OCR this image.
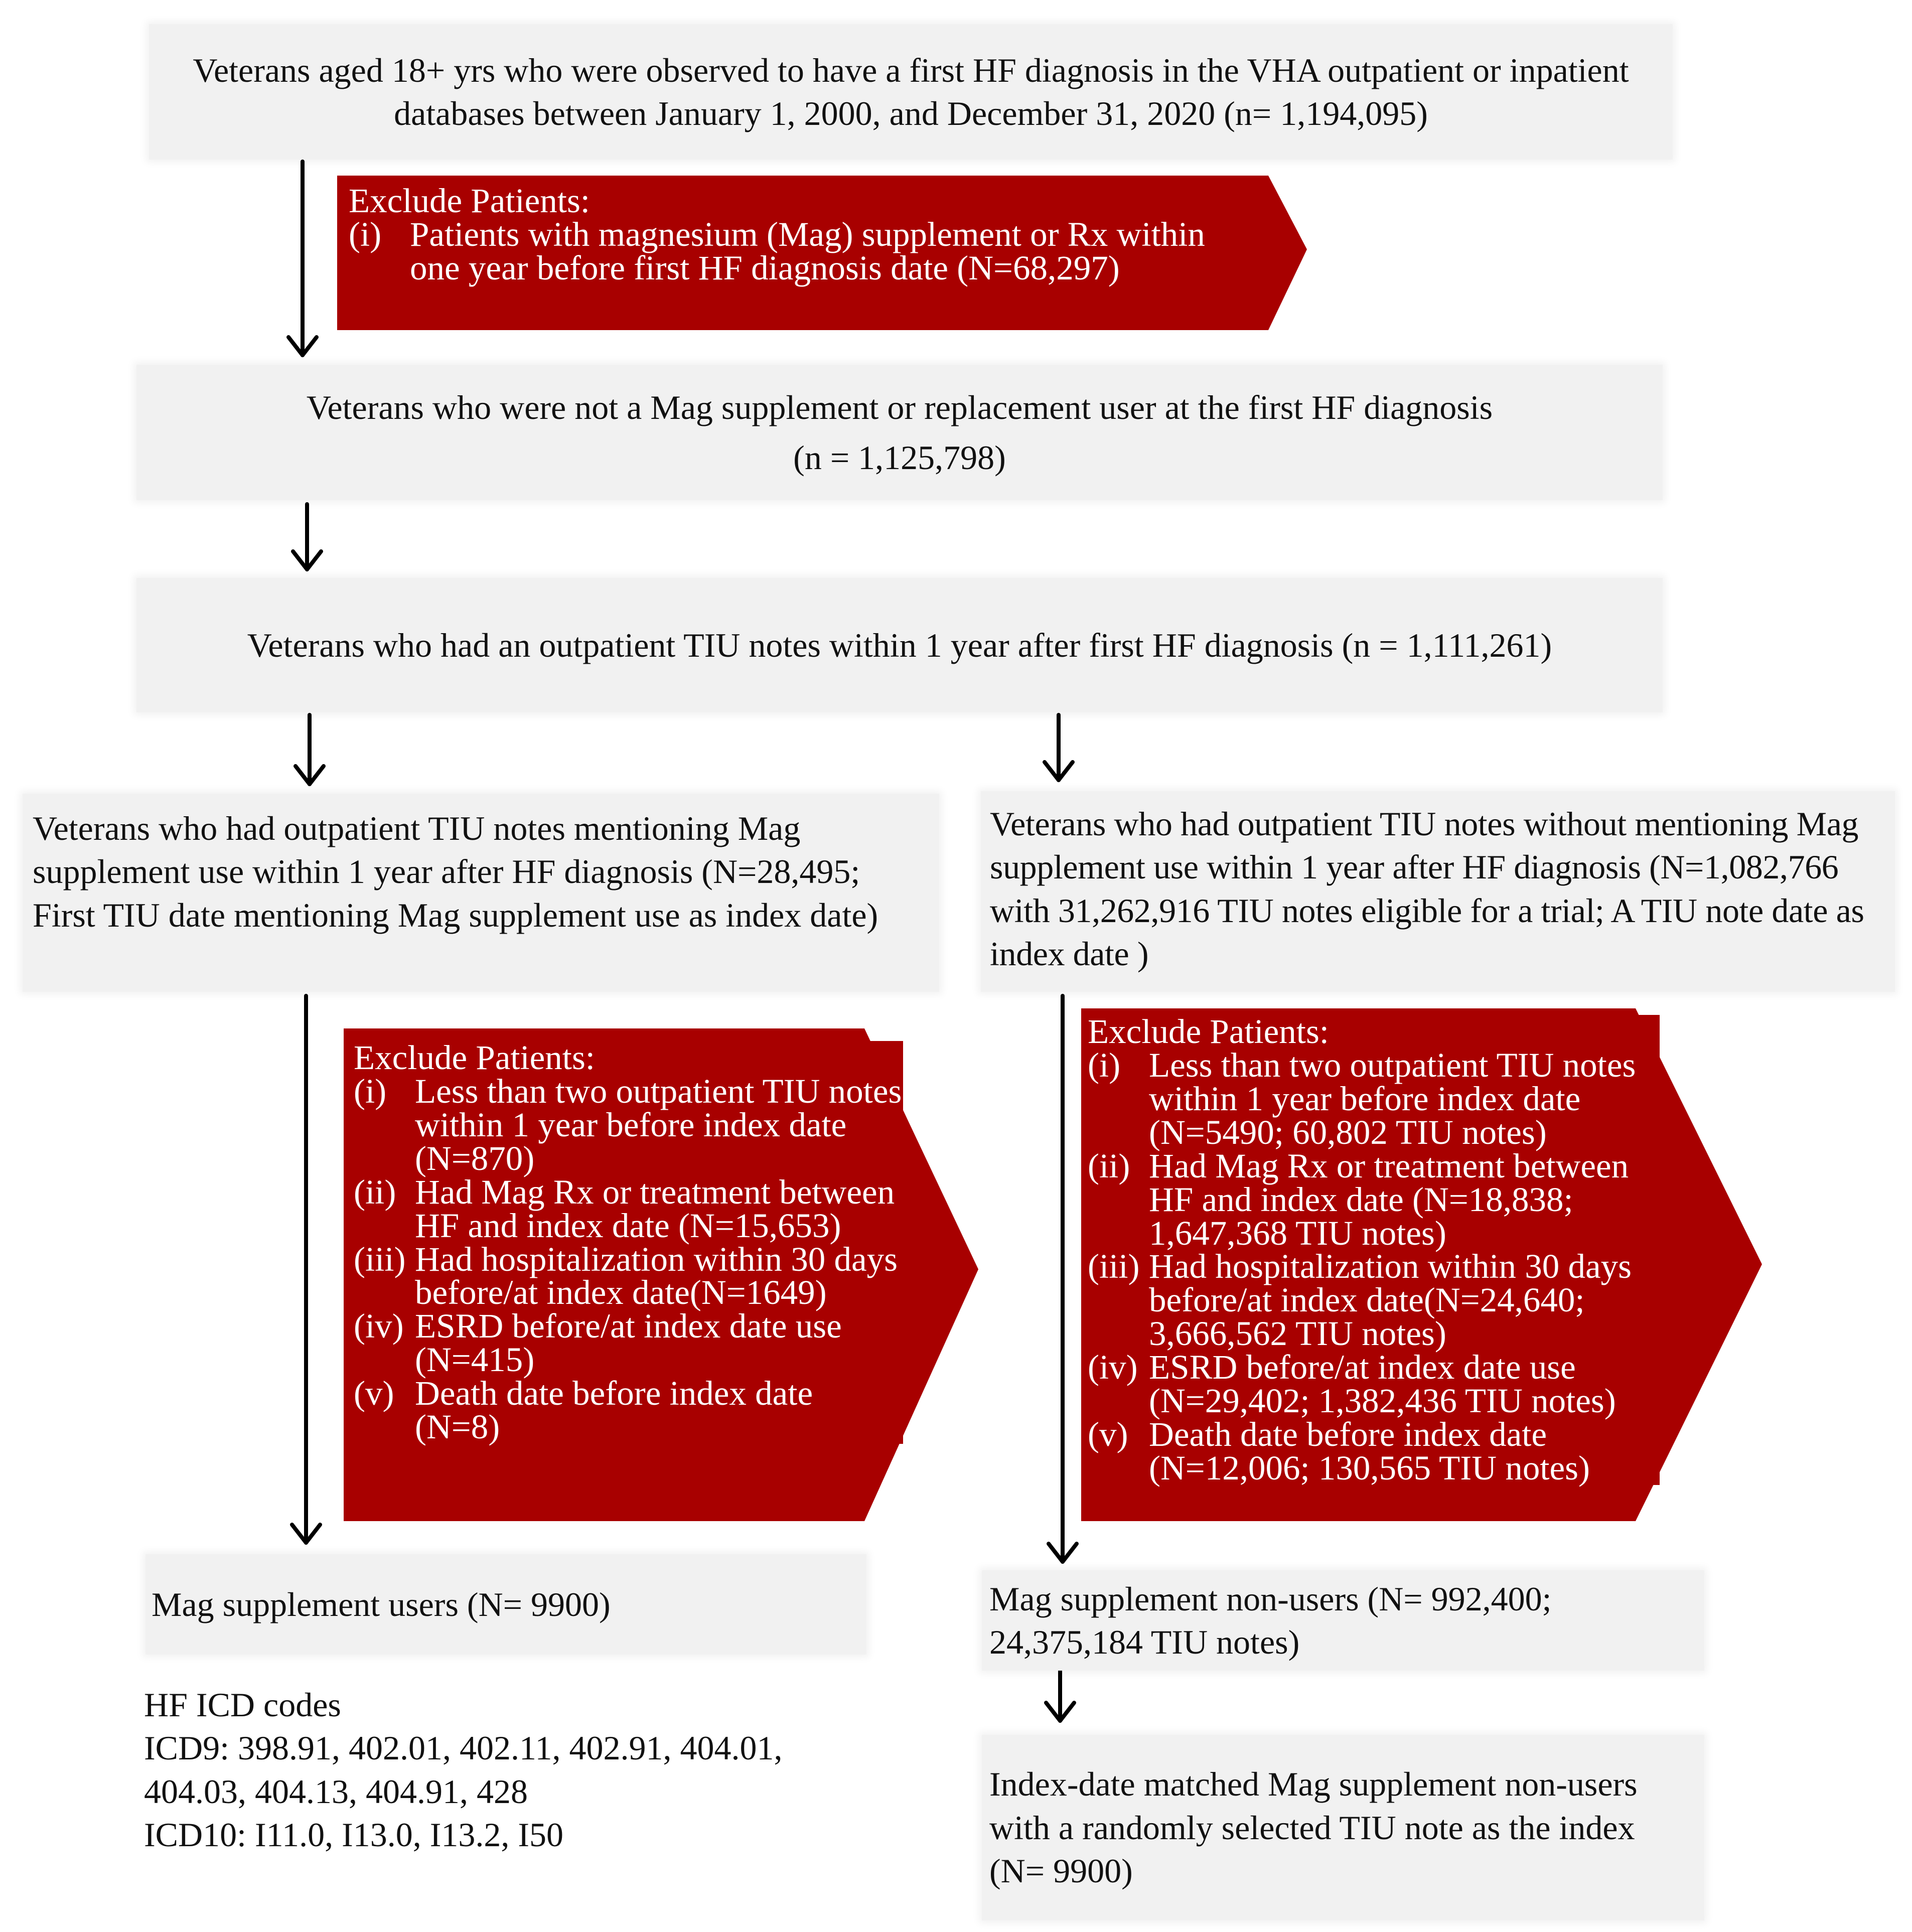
Veterans aged 18+ yrs who were observed to have a first HF diagnosis in the VHA outpatient or inpatient databases between January 1, 2000, and December 31, 2020 (n= 1,194,095)
Exclude Patients:
(i) Patients with magnesium (Mag) supplement or Rx within one year before first HF diagnosis date (N=68,297)
Veterans who were not a Mag supplement or replacement user at the first HF diagnosis
(n = 1,125,798)
Veterans who had an outpatient TIU notes within 1 year after first HF diagnosis (n = 1,111,261)
Veterans who had outpatient TIU notes mentioning Mag supplement use within 1 year after HF diagnosis (N=28,495; First TIU date mentioning Mag supplement use as index date)
Veterans who had outpatient TIU notes without mentioning Mag supplement use within 1 year after HF diagnosis (N=1,082,766 with 31,262,916 TIU notes eligible for a trial; A TIU note date as index date )
Exclude Patients:
(i) Less than two outpatient TIU notes within 1 year before index date (N=870)
(ii) Had Mag Rx or treatment between HF and index date (N=15,653)
(iii) Had hospitalization within 30 days before/at index date(N=1649)
(iv) ESRD before/at index date use (N=415)
(v) Death date before index date (N=8)
Exclude Patients:
(i) Less than two outpatient TIU notes within 1 year before index date (N=5490; 60,802 TIU notes)
(ii) Had Mag Rx or treatment between HF and index date (N=18,838; 1,647,368 TIU notes)
(iii) Had hospitalization within 30 days before/at index date(N=24,640; 3,666,562 TIU notes)
(iv) ESRD before/at index date use (N=29,402; 1,382,436 TIU notes)
(v) Death date before index date (N=12,006; 130,565 TIU notes)
Mag supplement users (N= 9900)	Mag supplement non-users (N= 992,400; 24,375,184 TIU notes)
Index-date matched Mag supplement non-users with a randomly selected TIU note as the index (N= 9900)
HF ICD codes
ICD9: 398.91, 402.01, 402.11, 402.91, 404.01,
404.03, 404.13, 404.91, 428
ICD10: I11.0, I13.0, I13.2, I50
